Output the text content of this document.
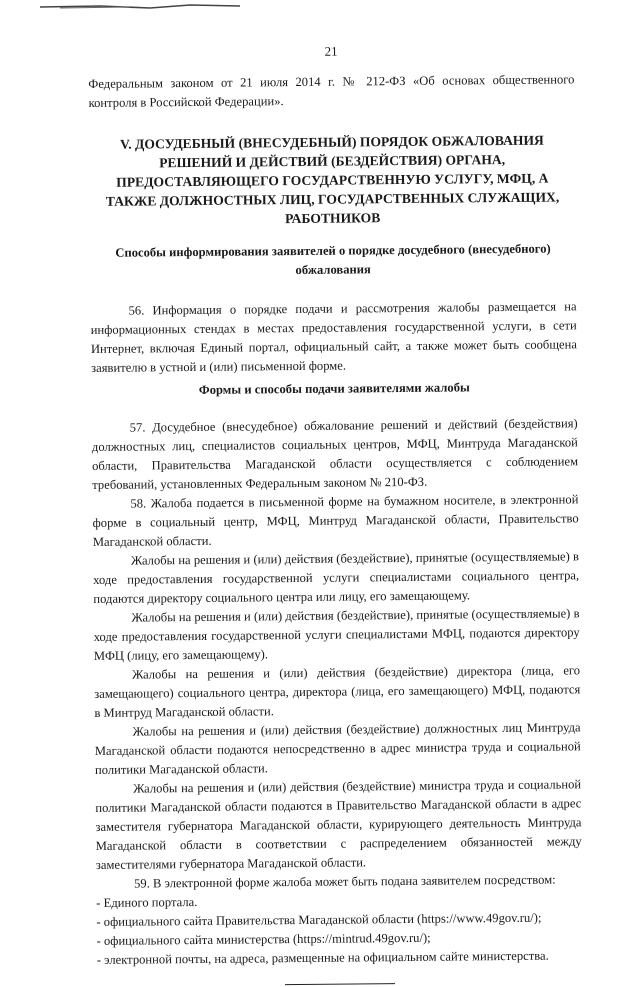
21

Федеральным законом от 21 июля 2014 г. № 212-ФЗ «Об основах общественного контроля в Российской Федерации».

V. ДОСУДЕБНЫЙ (ВНЕСУДЕБНЫЙ) ПОРЯДОК ОБЖАЛОВАНИЯ РЕШЕНИЙ И ДЕЙСТВИЙ (БЕЗДЕЙСТВИЯ) ОРГАНА, ПРЕДОСТАВЛЯЮЩЕГО ГОСУДАРСТВЕННУЮ УСЛУГУ, МФЦ, А ТАКЖЕ ДОЛЖНОСТНЫХ ЛИЦ, ГОСУДАРСТВЕННЫХ СЛУЖАЩИХ, РАБОТНИКОВ
Способы информирования заявителей о порядке досудебного (внесудебного) обжалования

56. Информация о порядке подачи и рассмотрения жалобы размещается на информационных стендах в местах предоставления государственной услуги, в сети Интернет, включая Единый портал, официальный сайт, а также может быть сообщена заявителю в устной и (или) письменной форме.

Формы и способы подачи заявителями жалобы

57. Досудебное (внесудебное) обжалование решений и действий (бездействия) должностных лиц, специалистов социальных центров, МФЦ, Минтруда Магаданской области, Правительства Магаданской области осуществляется с соблюдением требований, установленных Федеральным законом № 210-ФЗ.

58. Жалоба подается в письменной форме на бумажном носителе, в электронной форме в социальный центр, МФЦ, Минтруд Магаданской области, Правительство Магаданской области.

Жалобы на решения и (или) действия (бездействие), принятые (осуществляемые) в ходе предоставления государственной услуги специалистами социального центра, подаются директору социального центра или лицу, его замещающему.

Жалобы на решения и (или) действия (бездействие), принятые (осуществляемые) в ходе предоставления государственной услуги специалистами МФЦ, подаются директору МФЦ (лицу, его замещающему).

Жалобы на решения и (или) действия (бездействие) директора (лица, его замещающего) социального центра, директора (лица, его замещающего) МФЦ, подаются в Минтруд Магаданской области.

Жалобы на решения и (или) действия (бездействие) должностных лиц Минтруда Магаданской области подаются непосредственно в адрес министра труда и социальной политики Магаданской области.

Жалобы на решения и (или) действия (бездействие) министра труда и социальной политики Магаданской области подаются в Правительство Магаданской области в адрес заместителя губернатора Магаданской области, курирующего деятельность Минтруда Магаданской области в соответствии с распределением обязанностей между заместителями губернатора Магаданской области.

59. В электронной форме жалоба может быть подана заявителем посредством:

- Единого портала.

- официального сайта Правительства Магаданской области (https://www.49gov.ru/);

- официального сайта министерства (https://mintrud.49gov.ru/);

- электронной почты, на адреса, размещенные на официальном сайте министерства.
